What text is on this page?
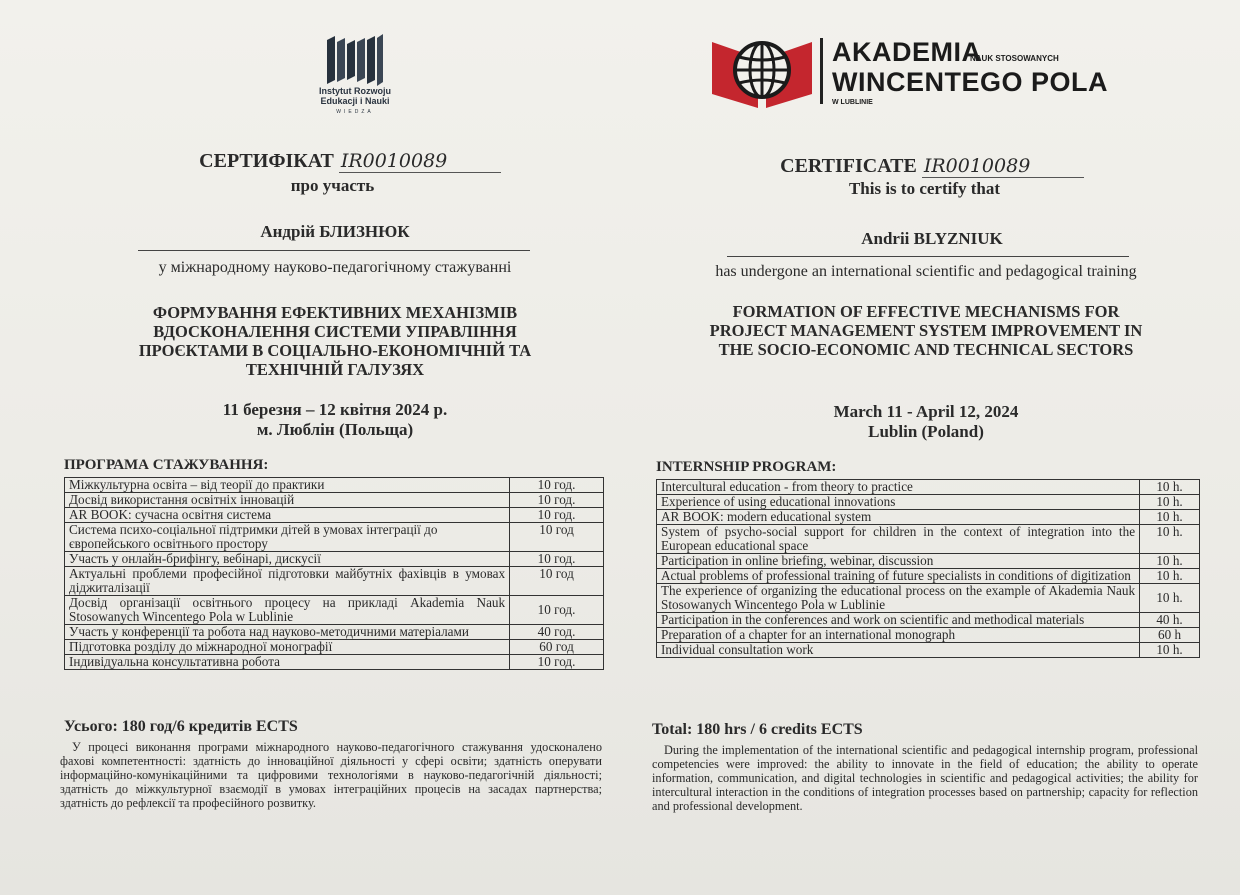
Instytut Rozwoju
Edukacji i Nauki
WIEDZA
СЕРТИФІКАТ IR0010089
про участь
Андрій БЛИЗНЮК
у міжнародному науково-педагогічному стажуванні
ФОРМУВАННЯ ЕФЕКТИВНИХ МЕХАНІЗМІВ
ВДОСКОНАЛЕННЯ СИСТЕМИ УПРАВЛІННЯ
ПРОЄКТАМИ В СОЦІАЛЬНО-ЕКОНОМІЧНІЙ ТА
ТЕХНІЧНІЙ ГАЛУЗЯХ
11 березня – 12 квітня 2024 р.
м. Люблін (Польща)
ПРОГРАМА СТАЖУВАННЯ:
Міжкультурна освіта – від теорії до практики	10 год.
Досвід використання освітніх інновацій	10 год.
AR BOOK: сучасна освітня система	10 год.
Система психо-соціальної підтримки дітей в умовах інтеграції до європейського освітнього простору	10 год
Участь у онлайн-брифінгу, вебінарі, дискусії	10 год.
Актуальні проблеми професійної підготовки майбутніх фахівців в умовах діджиталізації	10 год
Досвід організації освітнього процесу на прикладі Akademia Nauk Stosowanych Wincentego Pola w Lublinie	10 год.
Участь у конференції та робота над науково-методичними матеріалами	40 год.
Підготовка розділу до міжнародної монографії	60 год
Індивідуальна консультативна робота	10 год.
Усього: 180 год/6 кредитів ECTS
У процесі виконання програми міжнародного науково-педагогічного стажування удосконалено фахові компетентності: здатність до інноваційної діяльності у сфері освіти; здатність оперувати інформаційно-комунікаційними та цифровими технологіями в науково-педагогічній діяльності; здатність до міжкультурної взаємодії в умовах інтеграційних процесів на засадах партнерства; здатність до рефлексії та професійного розвитку.
AKADEMIA
NAUK STOSOWANYCH
WINCENTEGO POLA
W LUBLINIE
CERTIFICATE IR0010089
This is to certify that
Andrii BLYZNIUK
has undergone an international scientific and pedagogical training
FORMATION OF EFFECTIVE MECHANISMS FOR
PROJECT MANAGEMENT SYSTEM IMPROVEMENT IN
THE SOCIO-ECONOMIC AND TECHNICAL SECTORS
March 11 - April 12, 2024
Lublin (Poland)
INTERNSHIP PROGRAM:
Intercultural education - from theory to practice	10 h.
Experience of using educational innovations	10 h.
AR BOOK: modern educational system	10 h.
System of psycho-social support for children in the context of integration into the European educational space	10 h.
Participation in online briefing, webinar, discussion	10 h.
Actual problems of professional training of future specialists in conditions of digitization	10 h.
The experience of organizing the educational process on the example of Akademia Nauk Stosowanych Wincentego Pola w Lublinie	10 h.
Participation in the conferences and work on scientific and methodical materials	40 h.
Preparation of a chapter for an international monograph	60 h
Individual consultation work	10 h.
Total: 180 hrs / 6 credits ECTS
During the implementation of the international scientific and pedagogical internship program, professional competencies were improved: the ability to innovate in the field of education; the ability to operate information, communication, and digital technologies in scientific and pedagogical activities; the ability for intercultural interaction in the conditions of integration processes based on partnership; capacity for reflection and professional development.
